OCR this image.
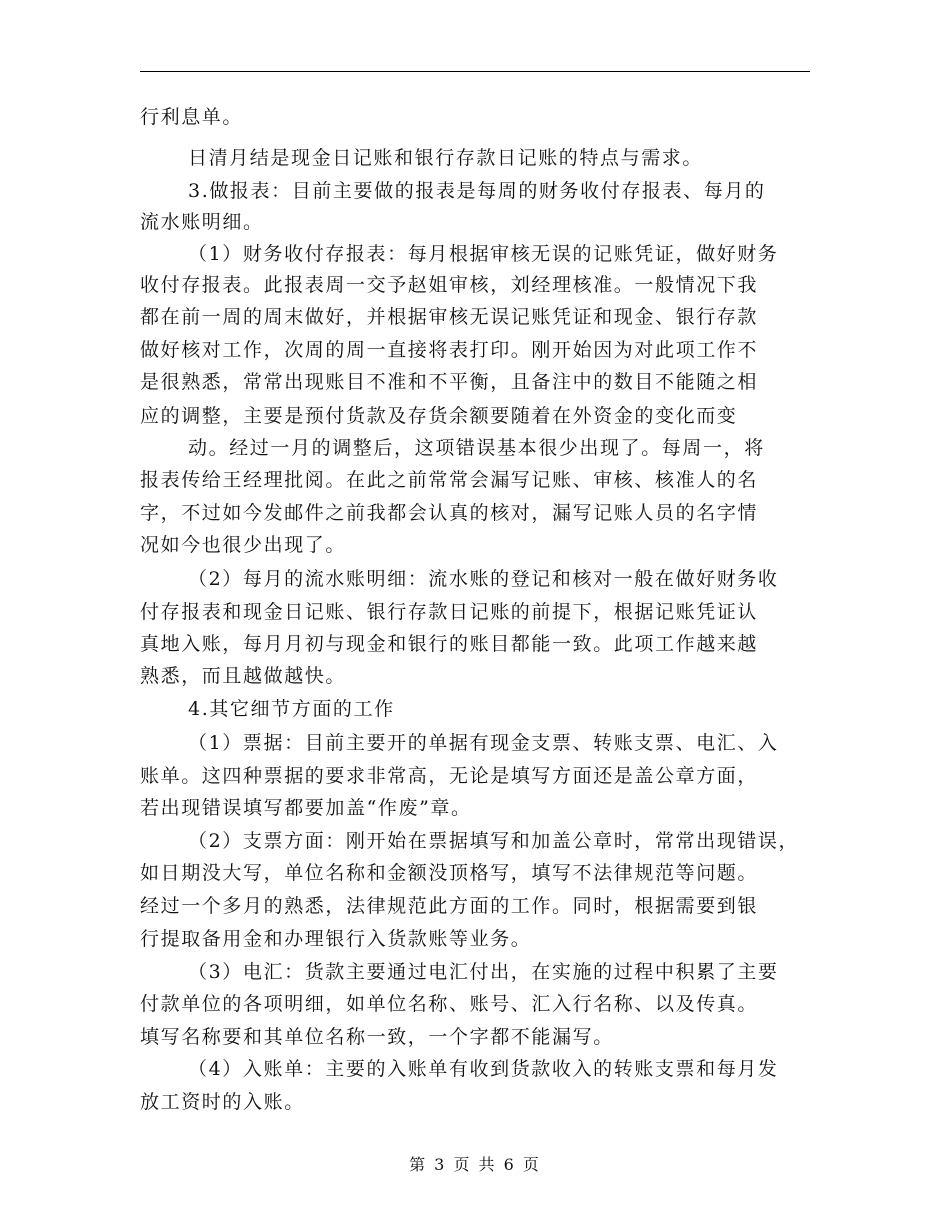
行利息单。
日清月结是现金日记账和银行存款日记账的特点与需求。
3.做报表：目前主要做的报表是每周的财务收付存报表、每月的
流水账明细。
（1）财务收付存报表：每月根据审核无误的记账凭证，做好财务
收付存报表。此报表周一交予赵姐审核，刘经理核准。一般情况下我
都在前一周的周末做好，并根据审核无误记账凭证和现金、银行存款
做好核对工作，次周的周一直接将表打印。刚开始因为对此项工作不
是很熟悉，常常出现账目不准和不平衡，且备注中的数目不能随之相
应的调整，主要是预付货款及存货余额要随着在外资金的变化而变
动。经过一月的调整后，这项错误基本很少出现了。每周一，将
报表传给王经理批阅。在此之前常常会漏写记账、审核、核准人的名
字，不过如今发邮件之前我都会认真的核对，漏写记账人员的名字情
况如今也很少出现了。
（2）每月的流水账明细：流水账的登记和核对一般在做好财务收
付存报表和现金日记账、银行存款日记账的前提下，根据记账凭证认
真地入账，每月月初与现金和银行的账目都能一致。此项工作越来越
熟悉，而且越做越快。
4.其它细节方面的工作
（1）票据：目前主要开的单据有现金支票、转账支票、电汇、入
账单。这四种票据的要求非常高，无论是填写方面还是盖公章方面，
若出现错误填写都要加盖“作废”章。
（2）支票方面：刚开始在票据填写和加盖公章时，常常出现错误，
如日期没大写，单位名称和金额没顶格写，填写不法律规范等问题。
经过一个多月的熟悉，法律规范此方面的工作。同时，根据需要到银
行提取备用金和办理银行入货款账等业务。
（3）电汇：货款主要通过电汇付出，在实施的过程中积累了主要
付款单位的各项明细，如单位名称、账号、汇入行名称、以及传真。
填写名称要和其单位名称一致，一个字都不能漏写。
（4）入账单：主要的入账单有收到货款收入的转账支票和每月发
放工资时的入账。
第 3 页 共 6 页
